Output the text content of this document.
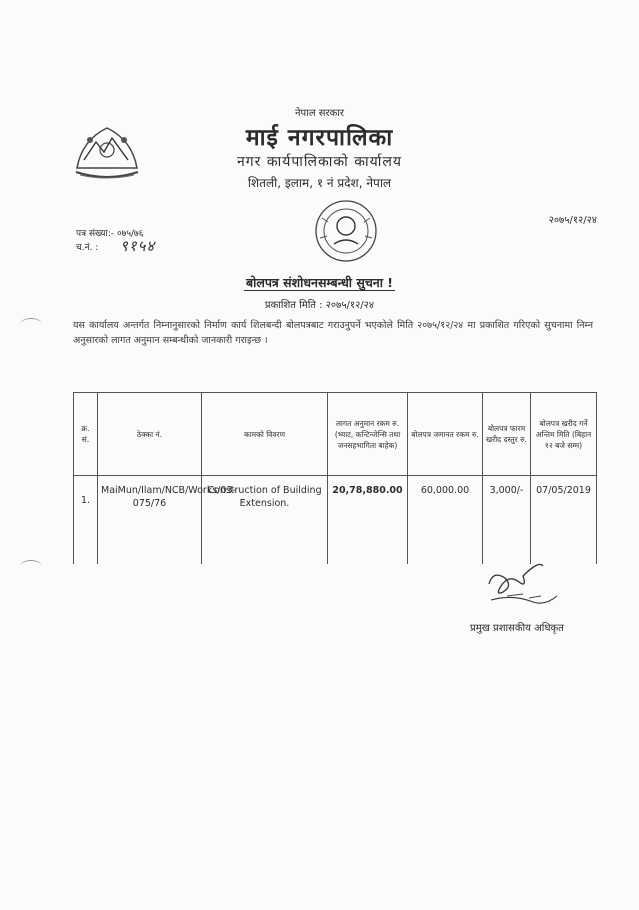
नेपाल सरकार
माई नगरपालिका
नगर कार्यपालिकाको कार्यालय
शितली, इलाम, १ नं प्रदेश, नेपाल
पत्र संख्या:- ०७५/७६
च.नं. : ९१५४
२०७५/१२/२४
बोलपत्र संशोधनसम्बन्धी सुचना !
प्रकाशित मिति : २०७५/१२/२४
यस कार्यालय अन्तर्गत निम्नानुसारको निर्माण कार्य शिलबन्दी बोलपत्रबाट गराउनुपर्ने भएकोले मिति २०७५/१२/२४ मा प्रकाशित गरिएको सुचनामा निम्न अनुसारको लागत अनुमान सम्बन्धीको जानकारी गराइन्छ ।
क्र. सं.	ठेक्का नं.	कामको विवरण	लागत अनुमान रकम रु. (भ्याट, कन्टिन्जेन्सि तथा जनसहभागिता बाहेक)	बोलपत्र जमानत रकम रु.	बोलपत्र फारम खरीद दस्तुर रु.	बोलपत्र खरीद गर्ने अन्तिम मिति (बिहान १२ बजे सम्म)
1.	MaiMun/Ilam/NCB/Works/03-075/76	Construction of Building Extension.	20,78,880.00	60,000.00	3,000/-	07/05/2019
प्रमुख प्रशासकीय अधिकृत
